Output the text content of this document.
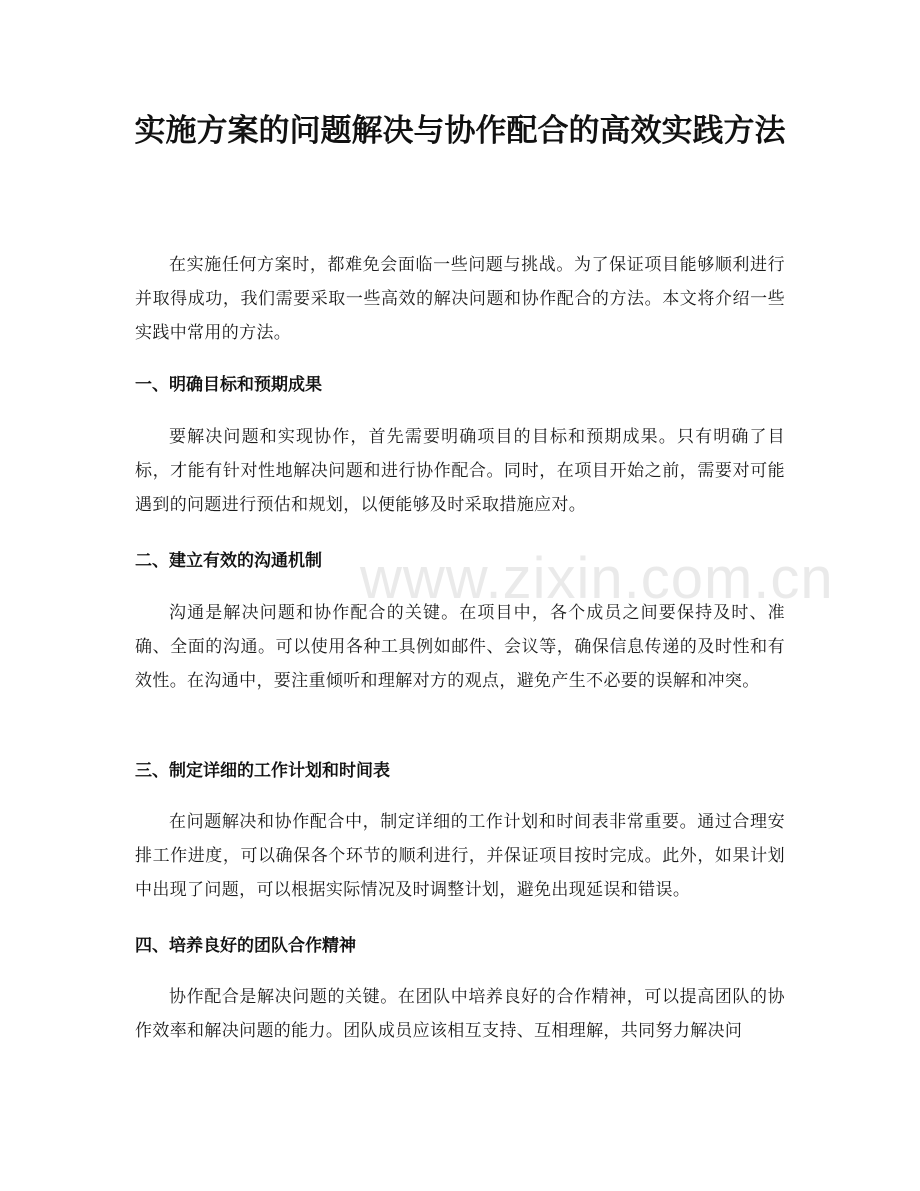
实施方案的问题解决与协作配合的高效实践方法

在实施任何方案时，都难免会面临一些问题与挑战。为了保证项目能够顺利进行并取得成功，我们需要采取一些高效的解决问题和协作配合的方法。本文将介绍一些实践中常用的方法。

一、明确目标和预期成果

要解决问题和实现协作，首先需要明确项目的目标和预期成果。只有明确了目标，才能有针对性地解决问题和进行协作配合。同时，在项目开始之前，需要对可能遇到的问题进行预估和规划，以便能够及时采取措施应对。

二、建立有效的沟通机制

沟通是解决问题和协作配合的关键。在项目中，各个成员之间要保持及时、准确、全面的沟通。可以使用各种工具例如邮件、会议等，确保信息传递的及时性和有效性。在沟通中，要注重倾听和理解对方的观点，避免产生不必要的误解和冲突。

三、制定详细的工作计划和时间表

在问题解决和协作配合中，制定详细的工作计划和时间表非常重要。通过合理安排工作进度，可以确保各个环节的顺利进行，并保证项目按时完成。此外，如果计划中出现了问题，可以根据实际情况及时调整计划，避免出现延误和错误。

四、培养良好的团队合作精神

协作配合是解决问题的关键。在团队中培养良好的合作精神，可以提高团队的协作效率和解决问题的能力。团队成员应该相互支持、互相理解，共同努力解决问

www.zixin.com.cn
